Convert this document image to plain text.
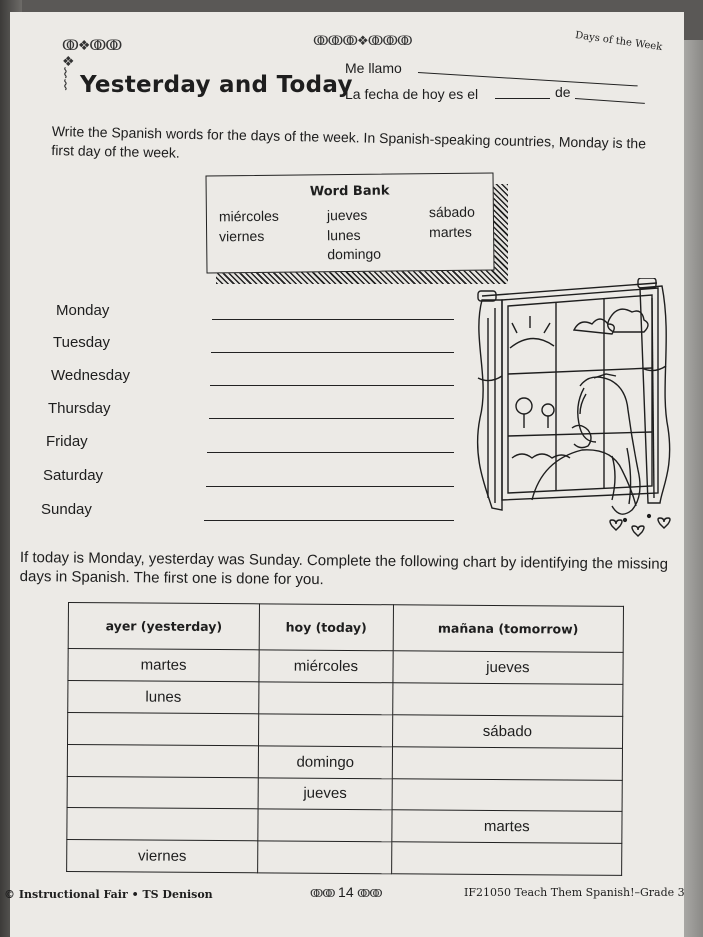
ↂ❖ↂↂ
❖
⌇
⌇
ↂↂↂ❖ↂↂↂ	Days of the Week
Yesterday and Today
Me llamo
La fecha de hoy es el	de
Write the Spanish words for the days of the week. In Spanish-speaking countries, Monday is the first day of the week.
Word Bank
miércoles	jueves	sábado
viernes	lunes	martes
domingo
Monday
Tuesday
Wednesday
Thursday
Friday
Saturday
Sunday
If today is Monday, yesterday was Sunday. Complete the following chart by identifying the missing days in Spanish. The first one is done for you.
ayer (yesterday)	hoy (today)	mañana (tomorrow)
martes	miércoles	jueves
lunes		
		sábado
	domingo	
	jueves	
		martes
viernes		
© Instructional Fair • TS Denison	ↂↂ 14 ↂↂ	IF21050 Teach Them Spanish!–Grade 3
